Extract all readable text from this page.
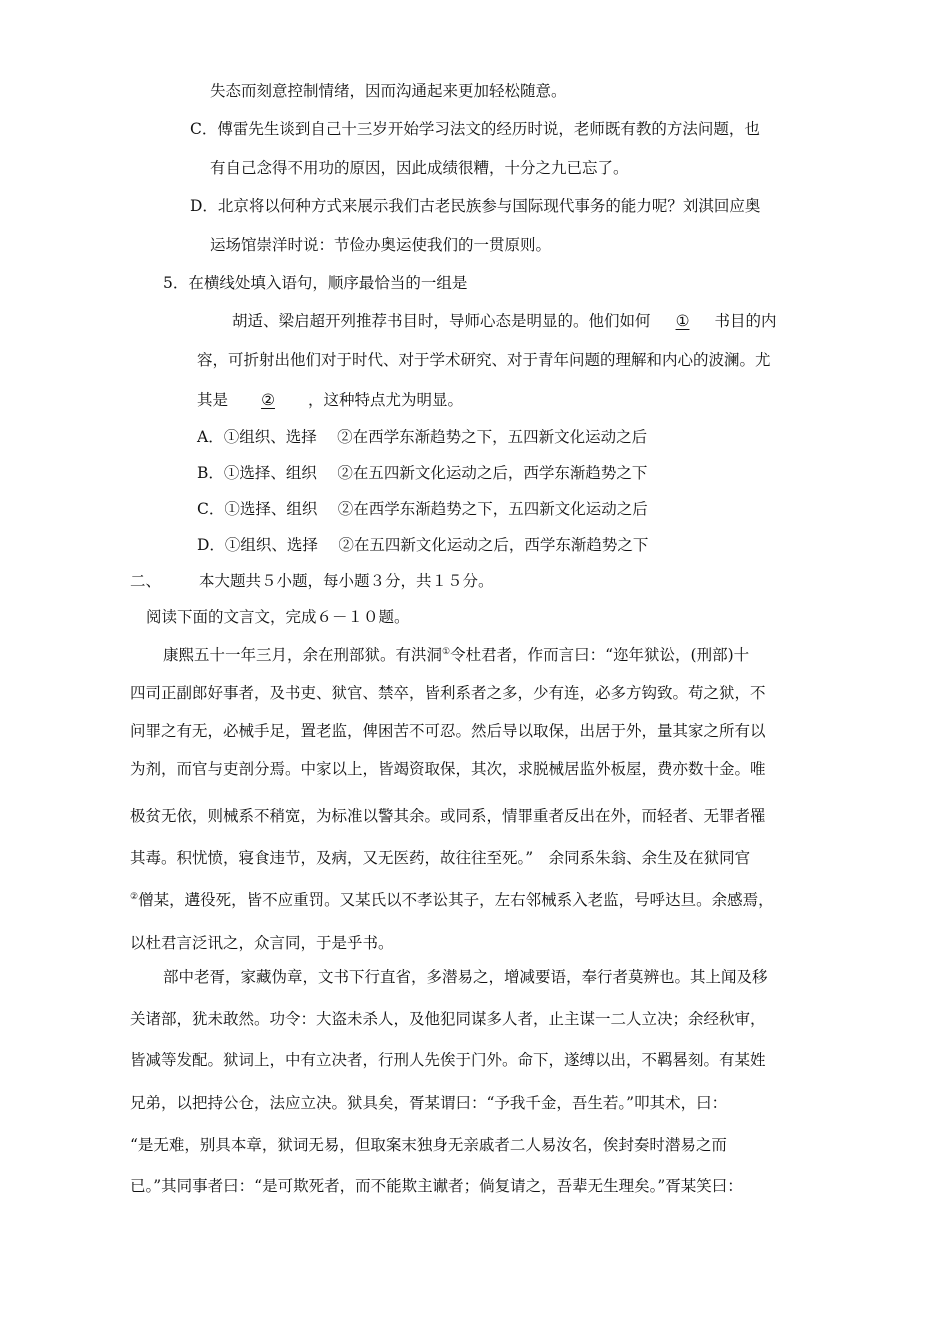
失态而刻意控制情绪，因而沟通起来更加轻松随意。
C．傅雷先生谈到自己十三岁开始学习法文的经历时说，老师既有教的方法问题，也
有自己念得不用功的原因，因此成绩很糟，十分之九已忘了。
D．北京将以何种方式来展示我们古老民族参与国际现代事务的能力呢？刘淇回应奥
运场馆崇洋时说：节俭办奥运使我们的一贯原则。
5．在横线处填入语句，顺序最恰当的一组是
胡适、梁启超开列推荐书目时，导师心态是明显的。他们如何 ① 书目的内
容，可折射出他们对于时代、对于学术研究、对于青年问题的理解和内心的波澜。尤
其是 ② ，这种特点尤为明显。
A．①组织、选择　 ②在西学东渐趋势之下，五四新文化运动之后
B．①选择、组织　 ②在五四新文化运动之后，西学东渐趋势之下
C．①选择、组织　 ②在西学东渐趋势之下，五四新文化运动之后
D．①组织、选择　 ②在五四新文化运动之后，西学东渐趋势之下
二、 本大题共５小题，每小题３分，共１５分。
阅读下面的文言文，完成６－１０题。
康熙五十一年三月，余在刑部狱。有洪洞①令杜君者，作而言曰：“迩年狱讼，(刑部)十
四司正副郎好事者，及书吏、狱官、禁卒，皆利系者之多，少有连，必多方钩致。苟之狱，不
问罪之有无，必械手足，置老监，俾困苦不可忍。然后导以取保，出居于外，量其家之所有以
为剂，而官与吏剖分焉。中家以上，皆竭资取保，其次，求脱械居监外板屋，费亦数十金。唯
极贫无依，则械系不稍宽，为标准以警其余。或同系，情罪重者反出在外，而轻者、无罪者罹
其毒。积忧愤，寝食违节，及病，又无医药，故往往至死。”　余同系朱翁、余生及在狱同官
②僧某，遘役死，皆不应重罚。又某氏以不孝讼其子，左右邻械系入老监，号呼达旦。余感焉，
以杜君言泛讯之，众言同，于是乎书。
部中老胥，家藏伪章，文书下行直省，多潜易之，增减要语，奉行者莫辨也。其上闻及移
关诸部，犹未敢然。功令：大盗未杀人，及他犯同谋多人者，止主谋一二人立决；余经秋审，
皆减等发配。狱词上，中有立决者，行刑人先俟于门外。命下，遂缚以出，不羁晷刻。有某姓
兄弟，以把持公仓，法应立决。狱具矣，胥某谓曰：“予我千金，吾生若。”叩其术，曰：
“是无难，别具本章，狱词无易，但取案末独身无亲戚者二人易汝名，俟封奏时潜易之而
已。”其同事者曰：“是可欺死者，而不能欺主谳者；倘复请之，吾辈无生理矣。”胥某笑曰：
